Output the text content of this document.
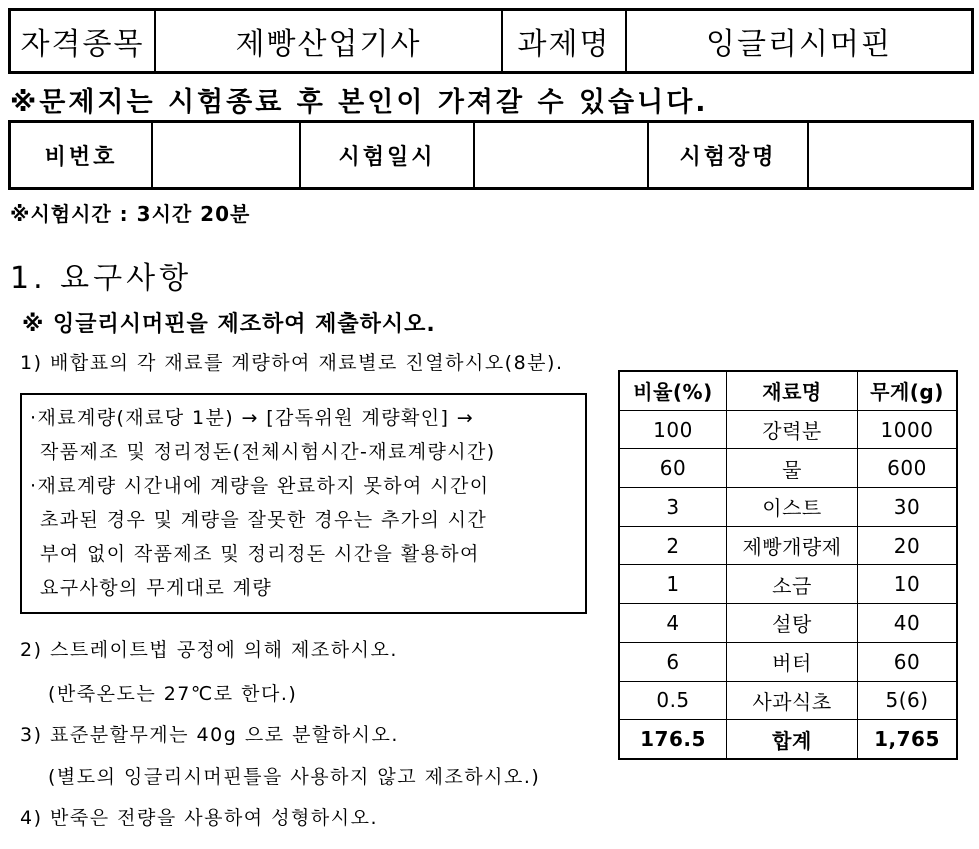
자격종목	제빵산업기사	과제명	잉글리시머핀
※문제지는 시험종료 후 본인이 가져갈 수 있습니다.
비번호		시험일시		시험장명	
※시험시간 : 3시간 20분
1. 요구사항
※ 잉글리시머핀을 제조하여 제출하시오.
1) 배합표의 각 재료를 계량하여 재료별로 진열하시오(8분).
·재료계량(재료당 1분) → [감독위원 계량확인] →
작품제조 및 정리정돈(전체시험시간-재료계량시간)
·재료계량 시간내에 계량을 완료하지 못하여 시간이
초과된 경우 및 계량을 잘못한 경우는 추가의 시간
부여 없이 작품제조 및 정리정돈 시간을 활용하여
요구사항의 무게대로 계량
2) 스트레이트법 공정에 의해 제조하시오.
(반죽온도는 27℃로 한다.)
3) 표준분할무게는 40g 으로 분할하시오.
(별도의 잉글리시머핀틀을 사용하지 않고 제조하시오.)
4) 반죽은 전량을 사용하여 성형하시오.
비율(%)	재료명	무게(g)
100	강력분	1000
60	물	600
3	이스트	30
2	제빵개량제	20
1	소금	10
4	설탕	40
6	버터	60
0.5	사과식초	5(6)
176.5	합계	1,765
